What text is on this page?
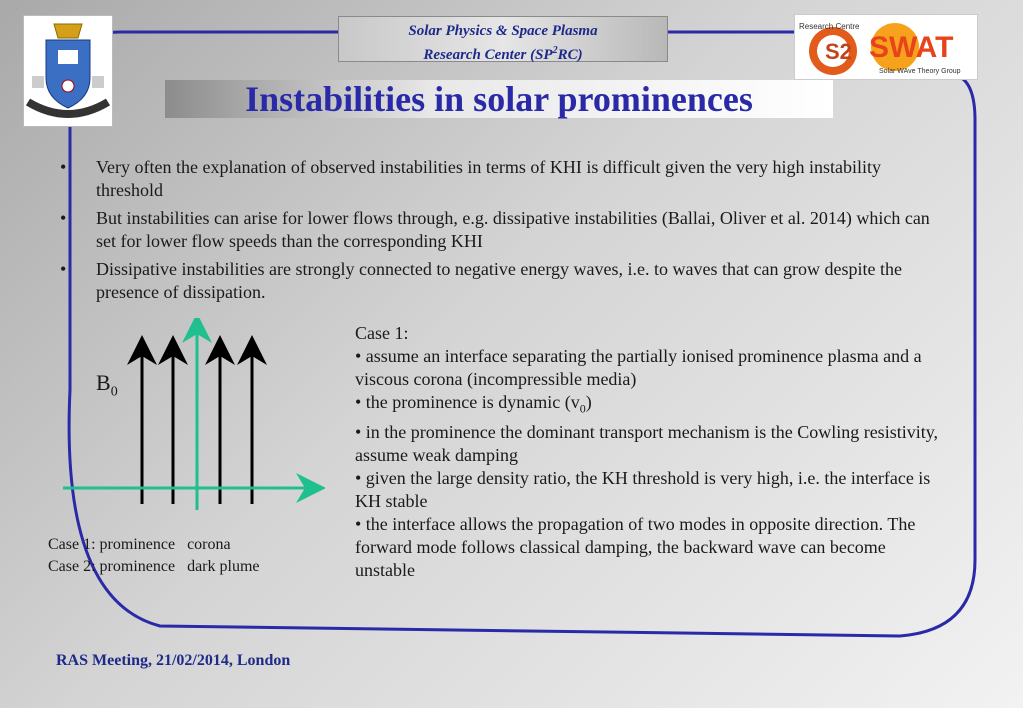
Solar Physics & Space Plasma
Research Center $(SP^2RC)$	S2
Research Centre
SWAT
Solar WAve Theory Group
Instabilities in solar prominences
• Very often the explanation of observed instabilities in terms of KHI is difficult given the very high instability threshold
• But instabilities can arise for lower flows through, e.g. dissipative instabilities (Ballai, Oliver et al. 2014) which can set for lower flow speeds than the corresponding KHI
• Dissipative instabilities are strongly connected to negative energy waves, i.e. to waves that can grow despite the presence of dissipation.
$B_0$
Case 1: prominence corona
Case 2: prominence dark plume
Case 1:
• assume an interface separating the partially ionised prominence plasma and a viscous corona (incompressible media)
• the prominence is dynamic $(v_0)$
• in the prominence the dominant transport mechanism is the Cowling resistivity, assume weak damping
• given the large density ratio, the KH threshold is very high, i.e. the interface is KH stable
• the interface allows the propagation of two modes in opposite direction. The forward mode follows classical damping, the backward wave can become unstable
RAS Meeting, 21/02/2014, London
